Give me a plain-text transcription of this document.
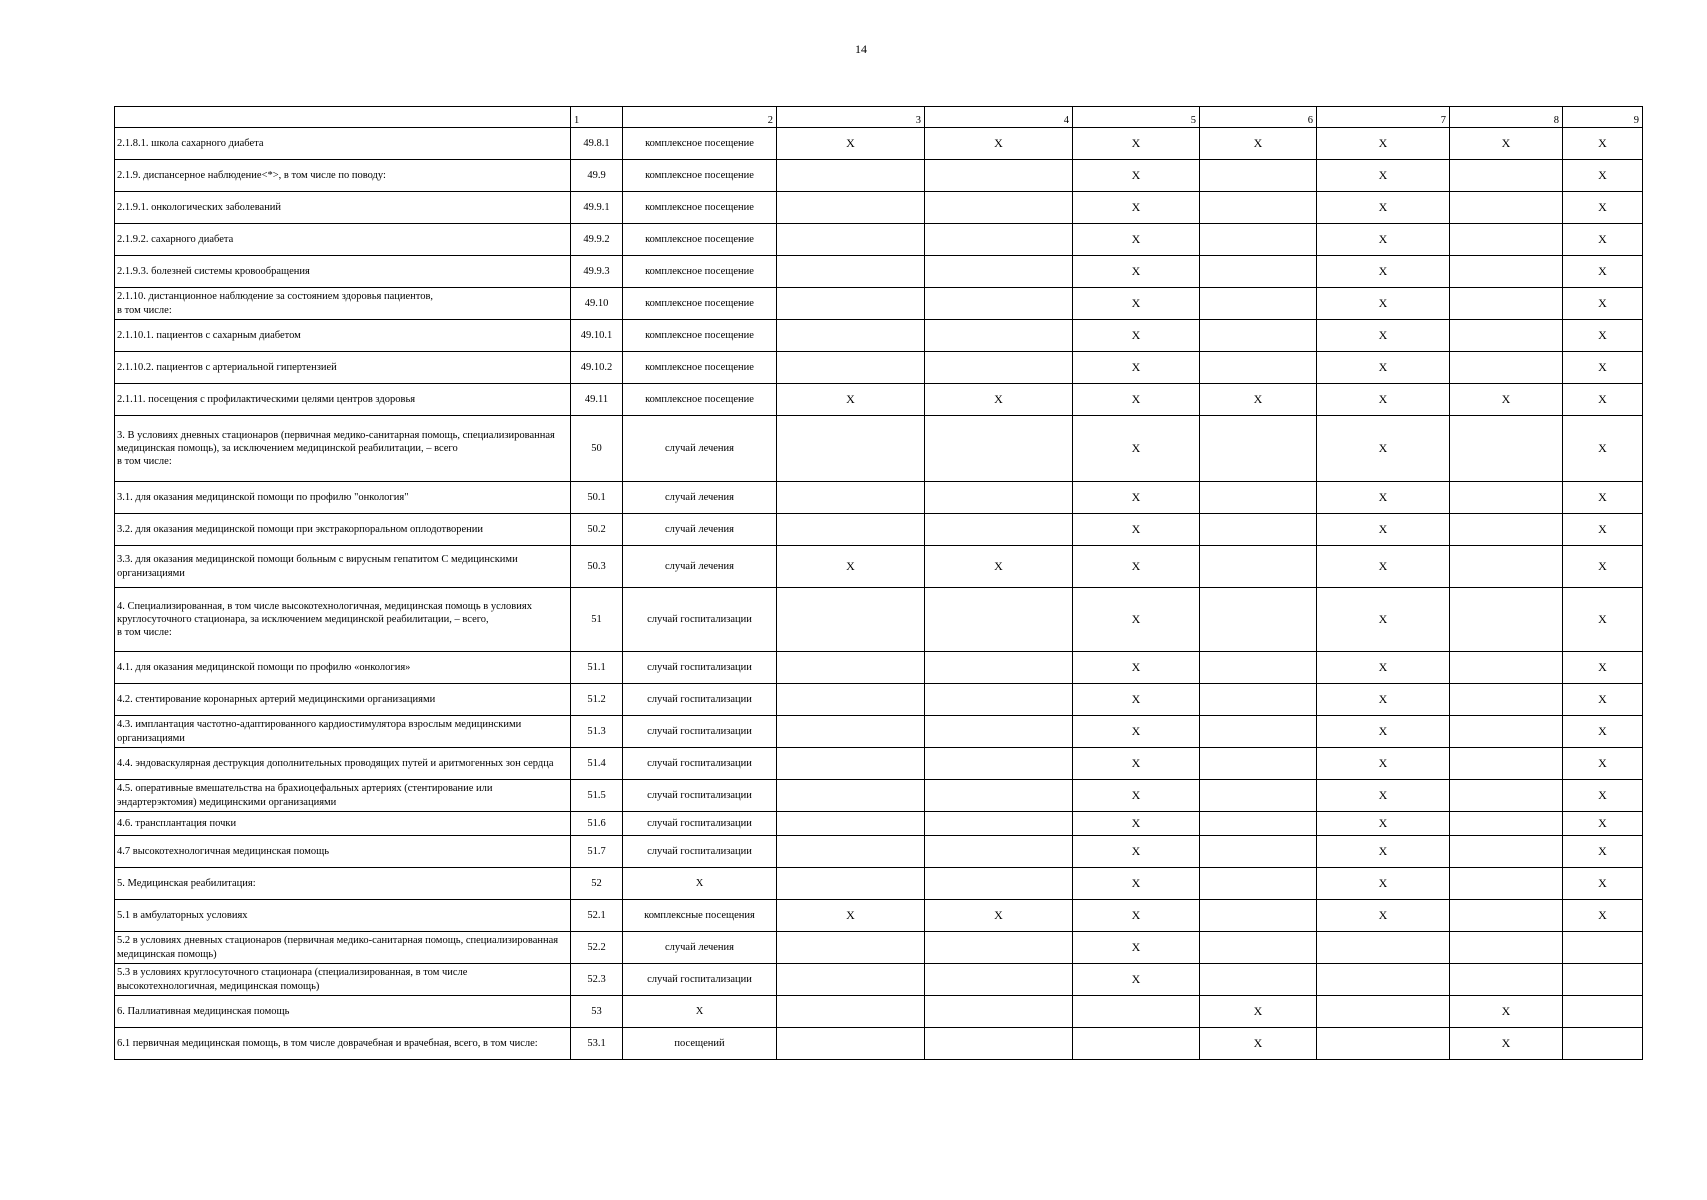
14
	1	2	3	4	5	6	7	8	9
2.1.8.1. школа сахарного диабета	49.8.1	комплексное посещение	X	X	X	X	X	X	X
2.1.9. диспансерное наблюдение<*>, в том числе по поводу:	49.9	комплексное посещение			X		X		X
2.1.9.1. онкологических заболеваний	49.9.1	комплексное посещение			X		X		X
2.1.9.2. сахарного диабета	49.9.2	комплексное посещение			X		X		X
2.1.9.3. болезней системы кровообращения	49.9.3	комплексное посещение			X		X		X
2.1.10. дистанционное наблюдение за состоянием здоровья пациентов,
в том числе:	49.10	комплексное посещение			X		X		X
2.1.10.1. пациентов с сахарным диабетом	49.10.1	комплексное посещение			X		X		X
2.1.10.2. пациентов с артериальной гипертензией	49.10.2	комплексное посещение			X		X		X
2.1.11. посещения с профилактическими целями центров здоровья	49.11	комплексное посещение	X	X	X	X	X	X	X
3. В условиях дневных стационаров (первичная медико-санитарная помощь, специализированная медицинская помощь), за исключением медицинской реабилитации, – всего
в том числе:	50	случай лечения			X		X		X
3.1. для оказания медицинской помощи по профилю "онкология"	50.1	случай лечения			X		X		X
3.2. для оказания медицинской помощи при экстракорпоральном оплодотворении	50.2	случай лечения			X		X		X
3.3. для оказания медицинской помощи больным с вирусным гепатитом С медицинскими организациями	50.3	случай лечения	X	X	X		X		X
4. Специализированная, в том числе высокотехнологичная, медицинская помощь в условиях круглосуточного стационара, за исключением медицинской реабилитации, – всего,
в том числе:	51	случай госпитализации			X		X		X
4.1. для оказания медицинской помощи по профилю «онкология»	51.1	случай госпитализации			X		X		X
4.2. стентирование коронарных артерий медицинскими организациями	51.2	случай госпитализации			X		X		X
4.3. имплантация частотно-адаптированного кардиостимулятора взрослым медицинскими организациями	51.3	случай госпитализации			X		X		X
4.4. эндоваскулярная деструкция дополнительных проводящих путей и аритмогенных зон сердца	51.4	случай госпитализации			X		X		X
4.5. оперативные вмешательства на брахиоцефальных артериях (стентирование или эндартерэктомия) медицинскими организациями	51.5	случай госпитализации			X		X		X
4.6. трансплантация почки	51.6	случай госпитализации			X		X		X
4.7 высокотехнологичная медицинская помощь	51.7	случай госпитализации			X		X		X
5. Медицинская реабилитация:	52	X			X		X		X
5.1 в амбулаторных условиях	52.1	комплексные посещения	X	X	X		X		X
5.2 в условиях дневных стационаров (первичная медико-санитарная помощь, специализированная медицинская помощь)	52.2	случай лечения			X				
5.3 в условиях круглосуточного стационара (специализированная, в том числе высокотехнологичная, медицинская помощь)	52.3	случай госпитализации			X				
6. Паллиативная медицинская помощь	53	X				X		X	
6.1 первичная медицинская помощь, в том числе доврачебная и врачебная, всего, в том числе:	53.1	посещений				X		X	
